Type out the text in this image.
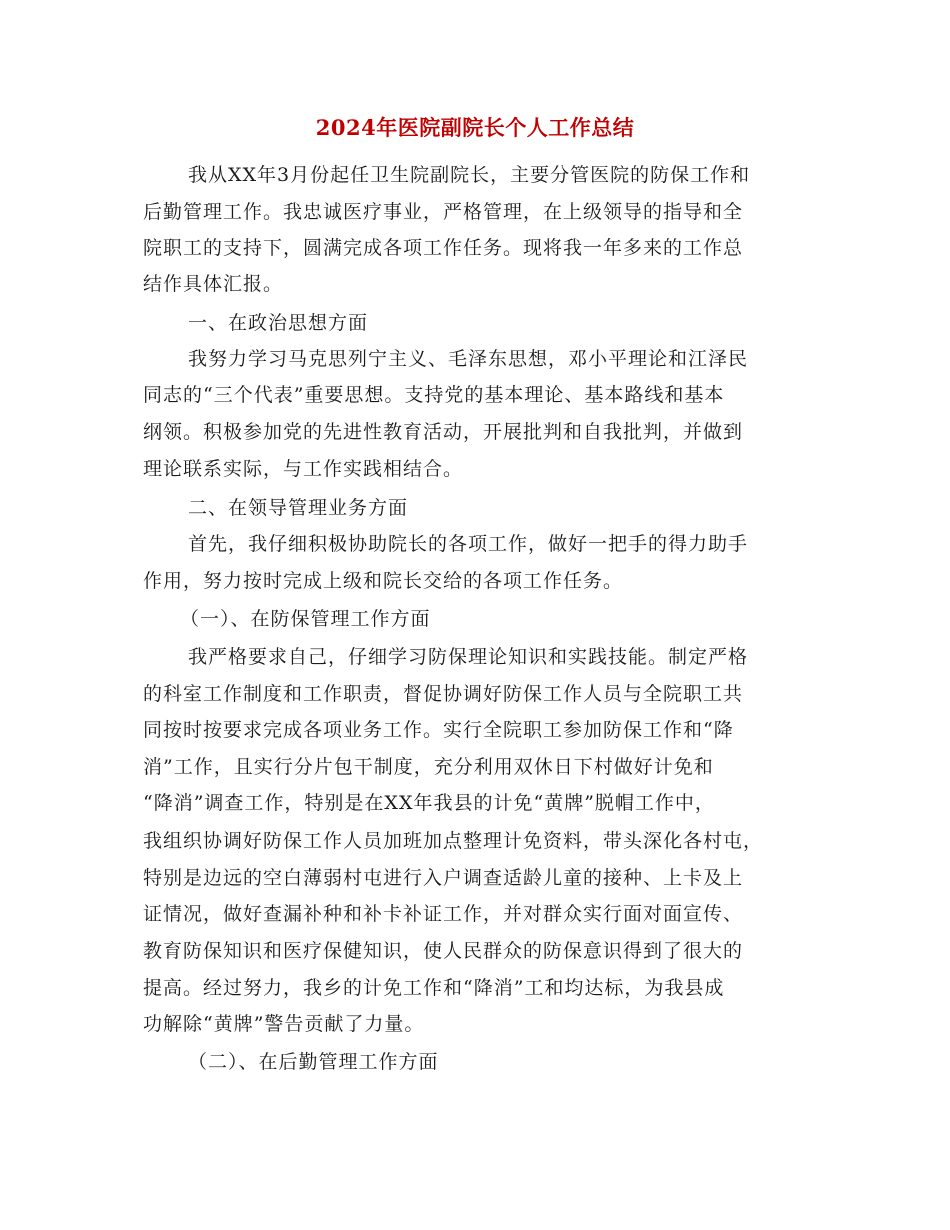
2024年医院副院长个人工作总结
我从XX年3月份起任卫生院副院长，主要分管医院的防保工作和
后勤管理工作。我忠诚医疗事业，严格管理，在上级领导的指导和全
院职工的支持下，圆满完成各项工作任务。现将我一年多来的工作总
结作具体汇报。
一、在政治思想方面
我努力学习马克思列宁主义、毛泽东思想，邓小平理论和江泽民
同志的“三个代表”重要思想。支持党的基本理论、基本路线和基本
纲领。积极参加党的先进性教育活动，开展批判和自我批判，并做到
理论联系实际，与工作实践相结合。
二、在领导管理业务方面
首先，我仔细积极协助院长的各项工作，做好一把手的得力助手
作用，努力按时完成上级和院长交给的各项工作任务。
（一）、在防保管理工作方面
我严格要求自己，仔细学习防保理论知识和实践技能。制定严格
的科室工作制度和工作职责，督促协调好防保工作人员与全院职工共
同按时按要求完成各项业务工作。实行全院职工参加防保工作和“降
消”工作，且实行分片包干制度，充分利用双休日下村做好计免和
“降消”调查工作，特别是在XX年我县的计免“黄牌”脱帽工作中，
我组织协调好防保工作人员加班加点整理计免资料，带头深化各村屯，
特别是边远的空白薄弱村屯进行入户调查适龄儿童的接种、上卡及上
证情况，做好查漏补种和补卡补证工作，并对群众实行面对面宣传、
教育防保知识和医疗保健知识，使人民群众的防保意识得到了很大的
提高。经过努力，我乡的计免工作和“降消”工和均达标，为我县成
功解除“黄牌”警告贡献了力量。
（二）、在后勤管理工作方面
